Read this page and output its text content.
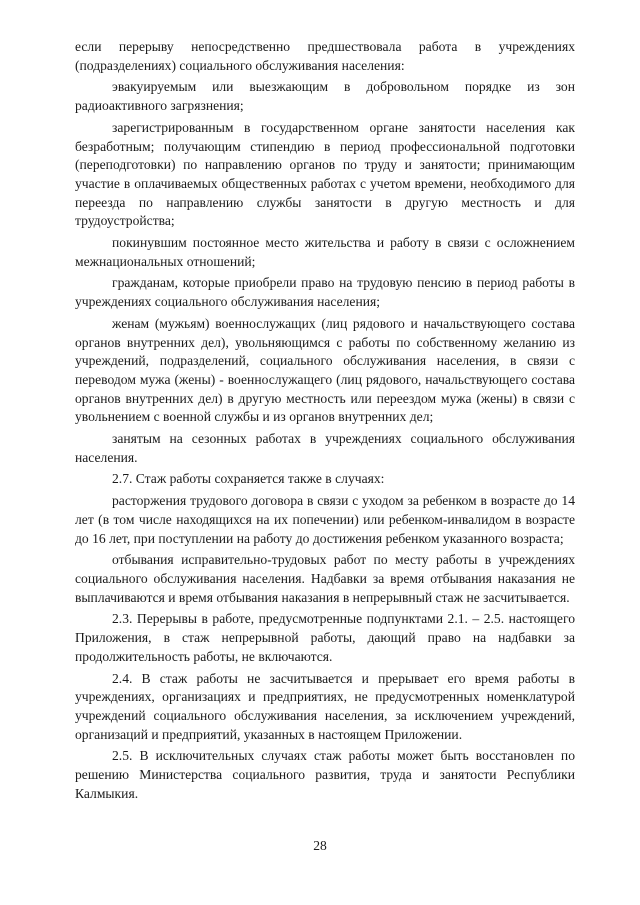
если перерыву непосредственно предшествовала работа в учреждениях (подразделениях) социального обслуживания населения:

эвакуируемым или выезжающим в добровольном порядке из зон радиоактивного загрязнения;

зарегистрированным в государственном органе занятости населения как безработным; получающим стипендию в период профессиональной подготовки (переподготовки) по направлению органов по труду и занятости; принимающим участие в оплачиваемых общественных работах с учетом времени, необходимого для переезда по направлению службы занятости в другую местность и для трудоустройства;

покинувшим постоянное место жительства и работу в связи с осложнением межнациональных отношений;

гражданам, которые приобрели право на трудовую пенсию в период работы в учреждениях социального обслуживания населения;

женам (мужьям) военнослужащих (лиц рядового и начальствующего состава органов внутренних дел), увольняющимся с работы по собственному желанию из учреждений, подразделений, социального обслуживания населения, в связи с переводом мужа (жены) - военнослужащего (лиц рядового, начальствующего состава органов внутренних дел) в другую местность или переездом мужа (жены) в связи с увольнением с военной службы и из органов внутренних дел;

занятым на сезонных работах в учреждениях социального обслуживания населения.

2.7. Стаж работы сохраняется также в случаях:

расторжения трудового договора в связи с уходом за ребенком в возрасте до 14 лет (в том числе находящихся на их попечении) или ребенком-инвалидом в возрасте до 16 лет, при поступлении на работу до достижения ребенком указанного возраста;

отбывания исправительно-трудовых работ по месту работы в учреждениях социального обслуживания населения. Надбавки за время отбывания наказания не выплачиваются и время отбывания наказания в непрерывный стаж не засчитывается.

2.3. Перерывы в работе, предусмотренные подпунктами 2.1. – 2.5. настоящего Приложения, в стаж непрерывной работы, дающий право на надбавки за продолжительность работы, не включаются.

2.4. В стаж работы не засчитывается и прерывает его время работы в учреждениях, организациях и предприятиях, не предусмотренных номенклатурой учреждений социального обслуживания населения, за исключением учреждений, организаций и предприятий, указанных в настоящем Приложении.

2.5. В исключительных случаях стаж работы может быть восстановлен по решению Министерства социального развития, труда и занятости Республики Калмыкия.

28
